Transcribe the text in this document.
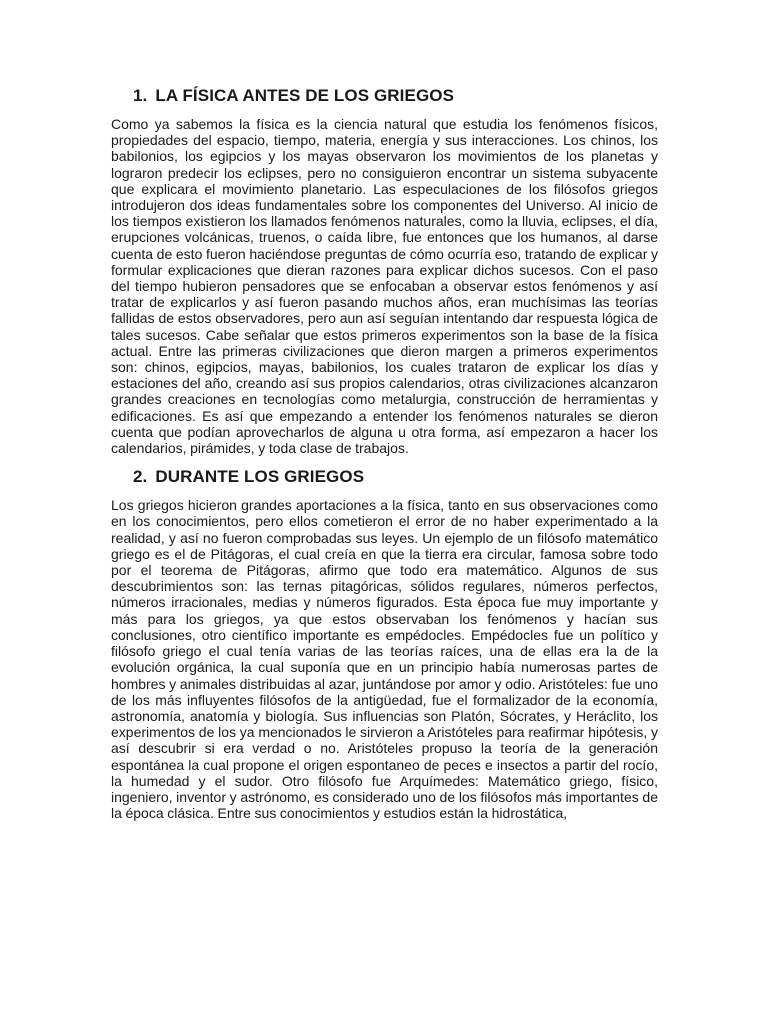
1. LA FÍSICA ANTES DE LOS GRIEGOS

Como ya sabemos la física es la ciencia natural que estudia los fenómenos físicos, propiedades del espacio, tiempo, materia, energía y sus interacciones. Los chinos, los babilonios, los egipcios y los mayas observaron los movimientos de los planetas y lograron predecir los eclipses, pero no consiguieron encontrar un sistema subyacente que explicara el movimiento planetario. Las especulaciones de los filósofos griegos introdujeron dos ideas fundamentales sobre los componentes del Universo. Al inicio de los tiempos existieron los llamados fenómenos naturales, como la lluvia, eclipses, el día, erupciones volcánicas, truenos, o caída libre, fue entonces que los humanos, al darse cuenta de esto fueron haciéndose preguntas de cómo ocurría eso, tratando de explicar y formular explicaciones que dieran razones para explicar dichos sucesos. Con el paso del tiempo hubieron pensadores que se enfocaban a observar estos fenómenos y así tratar de explicarlos y así fueron pasando muchos años, eran muchísimas las teorías fallidas de estos observadores, pero aun así seguían intentando dar respuesta lógica de tales sucesos. Cabe señalar que estos primeros experimentos son la base de la física actual. Entre las primeras civilizaciones que dieron margen a primeros experimentos son: chinos, egipcios, mayas, babilonios, los cuales trataron de explicar los días y estaciones del año, creando así sus propios calendarios, otras civilizaciones alcanzaron grandes creaciones en tecnologías como metalurgia, construcción de herramientas y edificaciones. Es así que empezando a entender los fenómenos naturales se dieron cuenta que podían aprovecharlos de alguna u otra forma, así empezaron a hacer los calendarios, pirámides, y toda clase de trabajos.

2. DURANTE LOS GRIEGOS

Los griegos hicieron grandes aportaciones a la física, tanto en sus observaciones como en los conocimientos, pero ellos cometieron el error de no haber experimentado a la realidad, y así no fueron comprobadas sus leyes. Un ejemplo de un filósofo matemático griego es el de Pitágoras, el cual creía en que la tierra era circular, famosa sobre todo por el teorema de Pitágoras, afirmo que todo era matemático. Algunos de sus descubrimientos son: las ternas pitagóricas, sólidos regulares, números perfectos, números irracionales, medias y números figurados. Esta época fue muy importante y más para los griegos, ya que estos observaban los fenómenos y hacían sus conclusiones, otro científico importante es empédocles. Empédocles fue un político y filósofo griego el cual tenía varias de las teorías raíces, una de ellas era la de la evolución orgánica, la cual suponía que en un principio había numerosas partes de hombres y animales distribuidas al azar, juntándose por amor y odio. Aristóteles: fue uno de los más influyentes filósofos de la antigüedad, fue el formalizador de la economía, astronomía, anatomía y biología. Sus influencias son Platón, Sócrates, y Heráclito, los experimentos de los ya mencionados le sirvieron a Aristóteles para reafirmar hipótesis, y así descubrir si era verdad o no. Aristóteles propuso la teoría de la generación espontánea la cual propone el origen espontaneo de peces e insectos a partir del rocío, la humedad y el sudor. Otro filósofo fue Arquímedes: Matemático griego, físico, ingeniero, inventor y astrónomo, es considerado uno de los filósofos más importantes de la época clásica. Entre sus conocimientos y estudios están la hidrostática,
